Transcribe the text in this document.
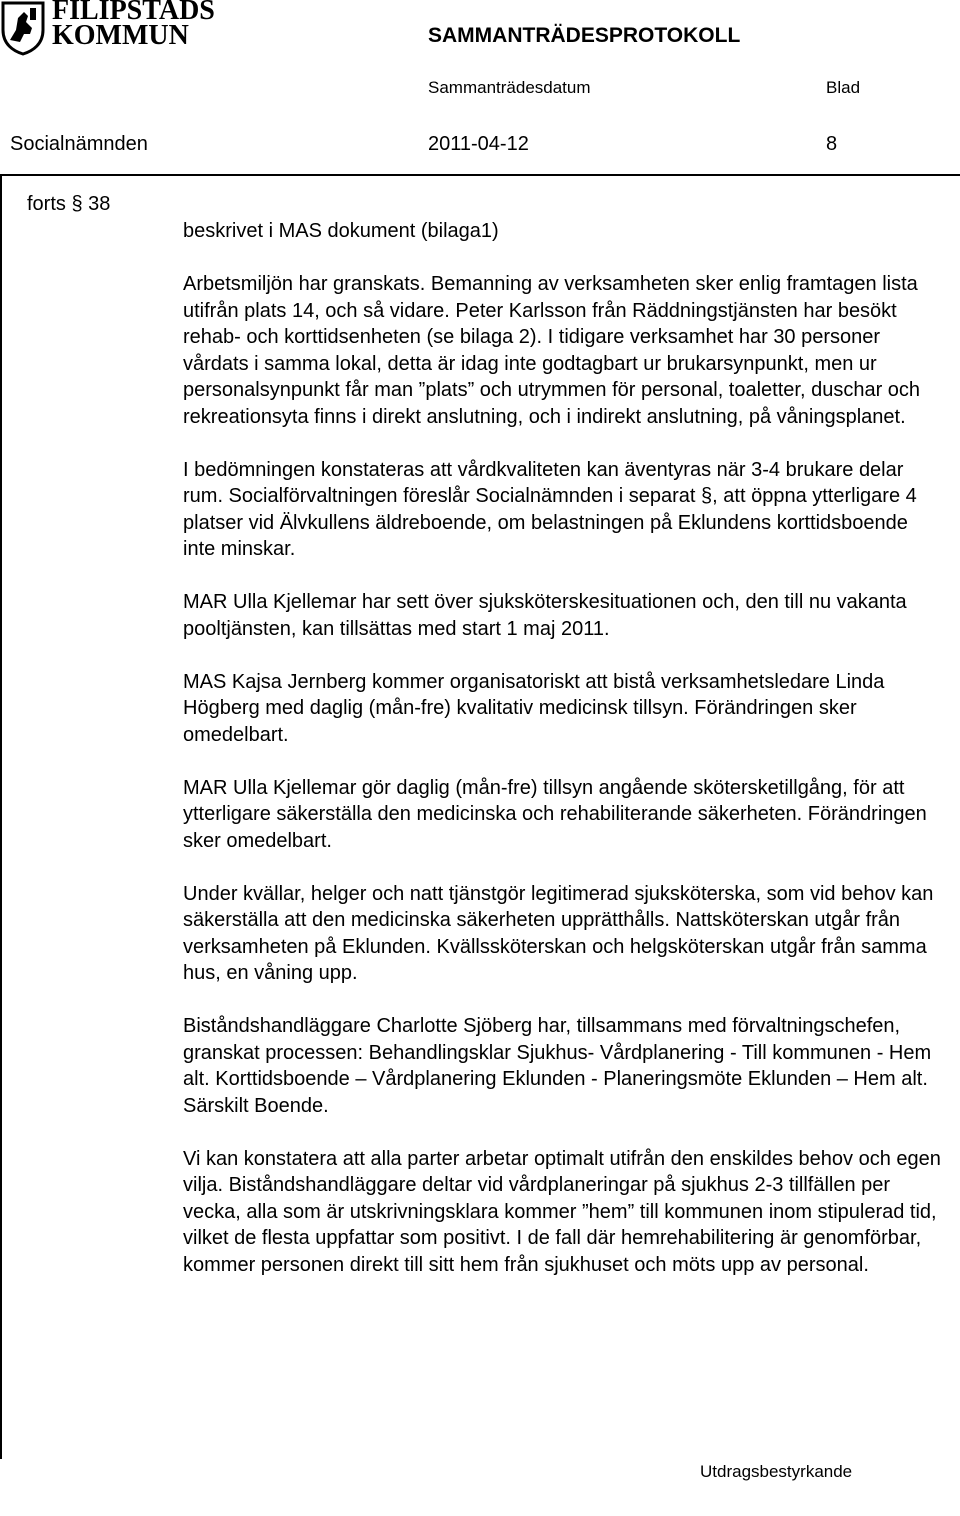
FILIPSTADS
KOMMUN	SAMMANTRÄDESPROTOKOLL
Sammanträdesdatum	Blad
Socialnämnden	2011-04-12	8
forts § 38

beskrivet i MAS dokument (bilaga1)

Arbetsmiljön har granskats. Bemanning av verksamheten sker enlig framtagen lista utifrån plats 14, och så vidare. Peter Karlsson från Räddningstjänsten har besökt rehab- och korttidsenheten (se bilaga 2). I tidigare verksamhet har 30 personer vårdats i samma lokal, detta är idag inte godtagbart ur brukarsynpunkt, men ur personalsynpunkt får man ”plats” och utrymmen för personal, toaletter, duschar och rekreationsyta finns i direkt anslutning, och i indirekt anslutning, på våningsplanet.

I bedömningen konstateras att vårdkvaliteten kan äventyras när 3-4 brukare delar rum. Socialförvaltningen föreslår Socialnämnden i separat §, att öppna ytterligare 4 platser vid Älvkullens äldreboende, om belastningen på Eklundens korttidsboende inte minskar.

MAR Ulla Kjellemar har sett över sjuksköterskesituationen och, den till nu vakanta pooltjänsten, kan tillsättas med start 1 maj 2011.

MAS Kajsa Jernberg kommer organisatoriskt att bistå verksamhetsledare Linda Högberg med daglig (mån-fre) kvalitativ medicinsk tillsyn. Förändringen sker omedelbart.

MAR Ulla Kjellemar gör daglig (mån-fre) tillsyn angående skötersketillgång, för att ytterligare säkerställa den medicinska och rehabiliterande säkerheten. Förändringen sker omedelbart.

Under kvällar, helger och natt tjänstgör legitimerad sjuksköterska, som vid behov kan säkerställa att den medicinska säkerheten upprätthålls. Nattsköterskan utgår från verksamheten på Eklunden. Kvällssköterskan och helgsköterskan utgår från samma hus, en våning upp.

Biståndshandläggare Charlotte Sjöberg har, tillsammans med förvaltningschefen, granskat processen: Behandlingsklar Sjukhus- Vårdplanering - Till kommunen - Hem alt. Korttidsboende – Vårdplanering Eklunden - Planeringsmöte Eklunden – Hem alt. Särskilt Boende.

Vi kan konstatera att alla parter arbetar optimalt utifrån den enskildes behov och egen vilja. Biståndshandläggare deltar vid vårdplaneringar på sjukhus 2-3 tillfällen per vecka, alla som är utskrivningsklara kommer ”hem” till kommunen inom stipulerad tid, vilket de flesta uppfattar som positivt. I de fall där hemrehabilitering är genomförbar, kommer personen direkt till sitt hem från sjukhuset och möts upp av personal.

Utdragsbestyrkande
